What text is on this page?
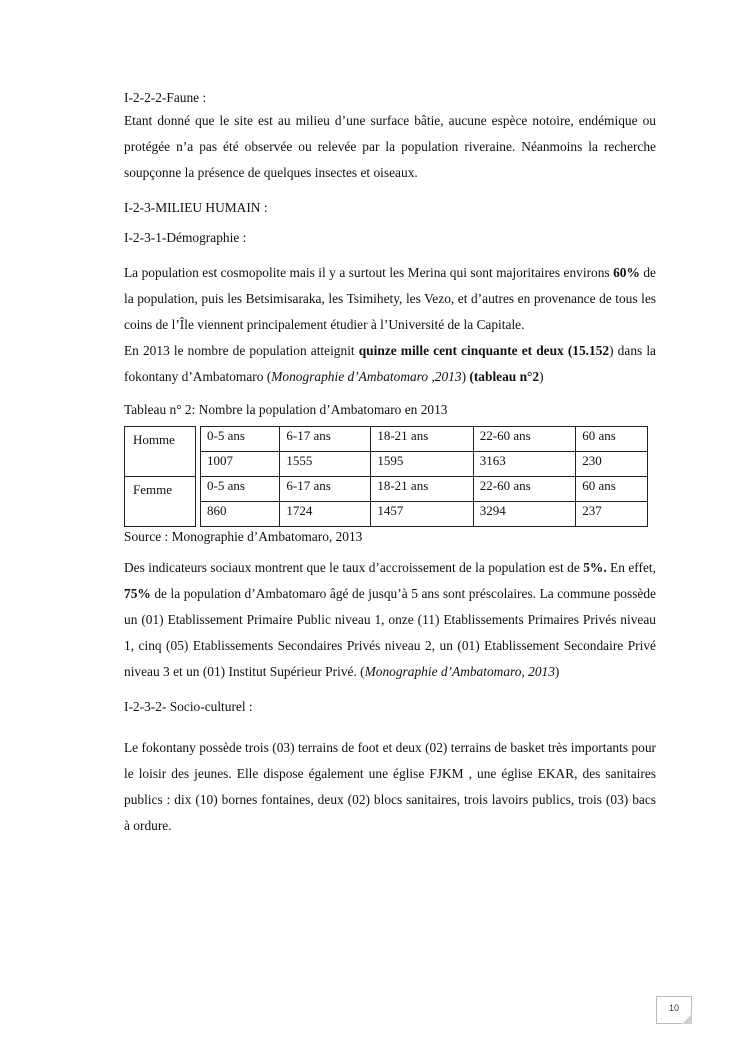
I-2-2-2-Faune :

Etant donné que le site est au milieu d’une surface bâtie, aucune espèce notoire, endémique ou protégée n’a pas été observée ou relevée par la population riveraine. Néanmoins la recherche soupçonne la présence de quelques insectes et oiseaux.

I-2-3-MILIEU HUMAIN :

I-2-3-1-Démographie :

La population est cosmopolite mais il y a surtout les Merina qui sont majoritaires environs 60% de la population, puis les Betsimisaraka, les Tsimihety, les Vezo, et d’autres en provenance de tous les coins de l’Île viennent principalement étudier à l’Université de la Capitale.

En 2013 le nombre de population atteignit quinze mille cent cinquante et deux (15.152) dans la fokontany d’Ambatomaro (Monographie d’Ambatomaro ,2013) (tableau n°2)

Tableau n° 2: Nombre la population d’Ambatomaro en 2013

Homme		0-5 ans	6-17 ans	18-21 ans	22-60 ans	60 ans
		1007	1555	1595	3163	230
Femme		0-5 ans	6-17 ans	18-21 ans	22-60 ans	60 ans
		860	1724	1457	3294	237

Source : Monographie d’Ambatomaro, 2013

Des indicateurs sociaux montrent que le taux d’accroissement de la population est de 5%. En effet, 75% de la population d’Ambatomaro âgé de jusqu’à 5 ans sont préscolaires. La commune possède un (01) Etablissement Primaire Public niveau 1, onze (11) Etablissements Primaires Privés niveau 1, cinq (05) Etablissements Secondaires Privés niveau 2, un (01) Etablissement Secondaire Privé niveau 3 et un (01) Institut Supérieur Privé. (Monographie d’Ambatomaro, 2013)

I-2-3-2- Socio-culturel :

Le fokontany possède trois (03) terrains de foot et deux (02) terrains de basket très importants pour le loisir des jeunes. Elle dispose également une église FJKM , une église EKAR, des sanitaires publics : dix (10) bornes fontaines, deux (02) blocs sanitaires, trois lavoirs publics, trois (03) bacs à ordure.

10
